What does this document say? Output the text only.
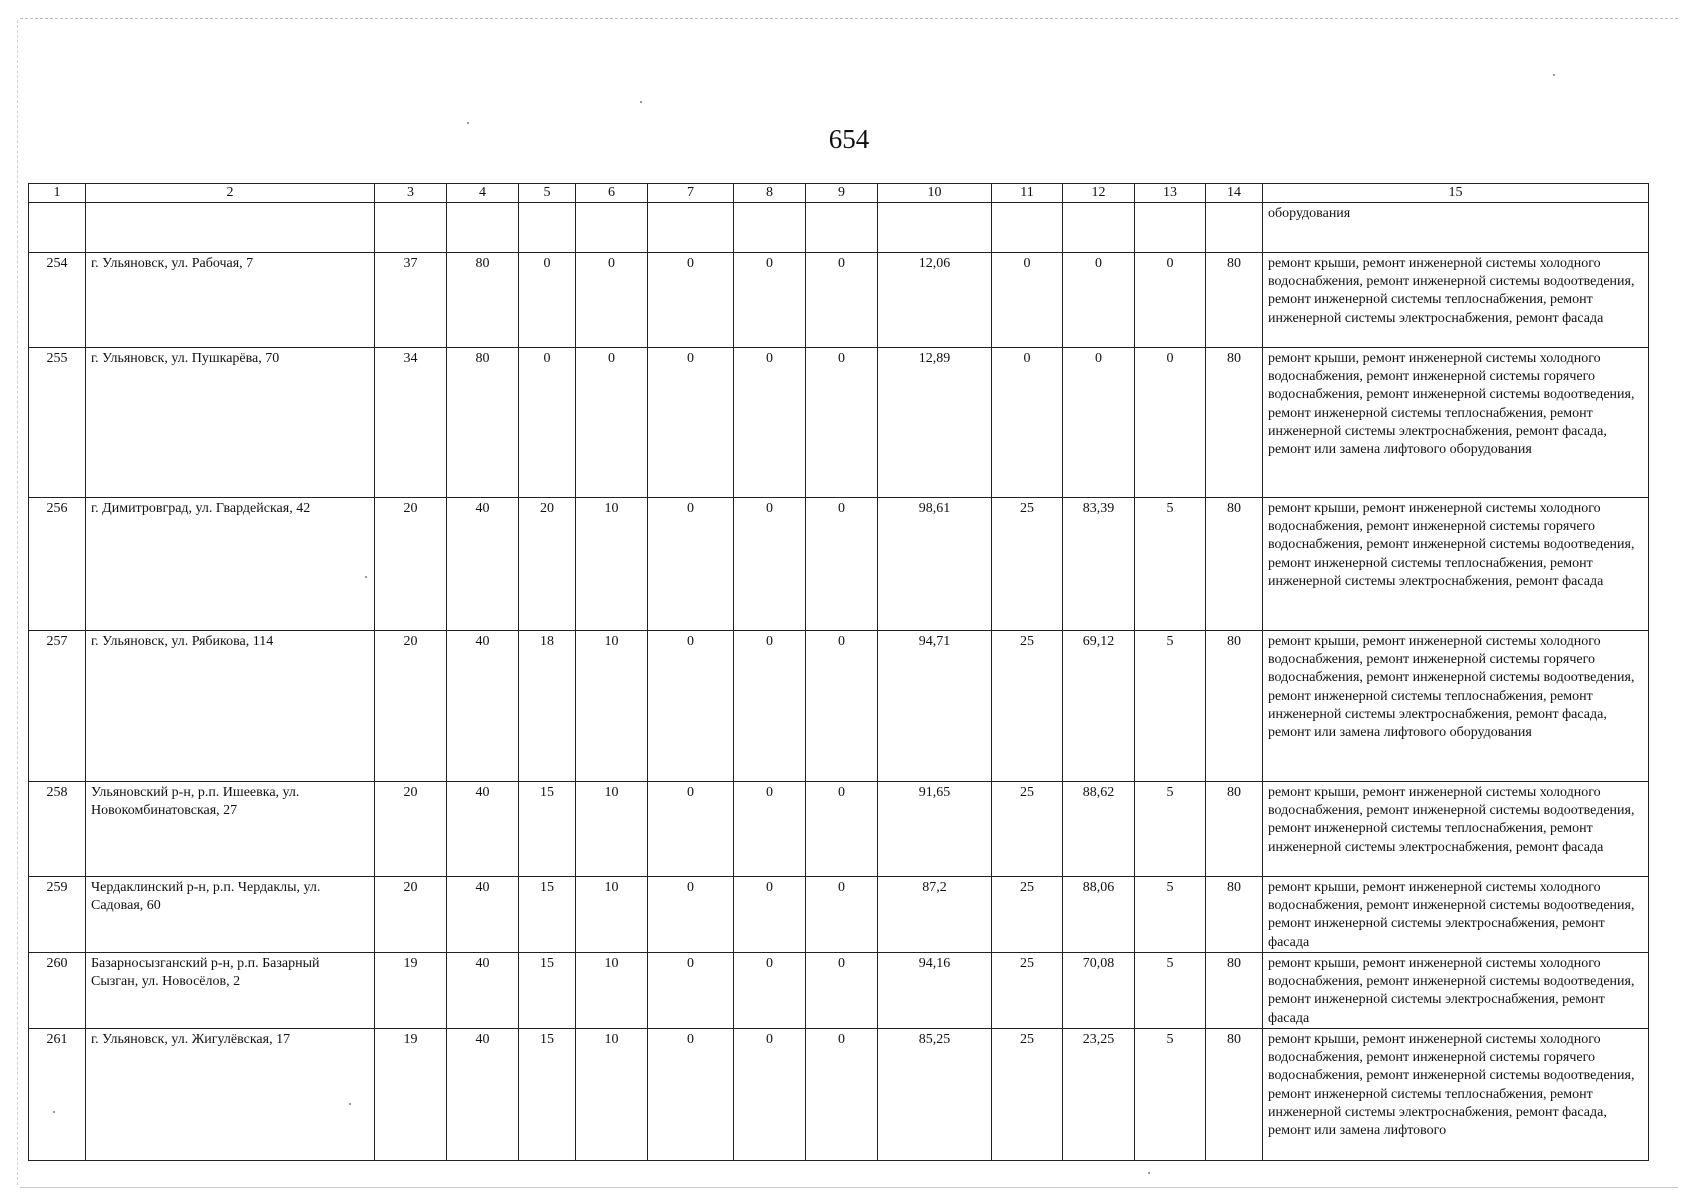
654
1	2	3	4	5	6	7	8	9	10	11	12	13	14	15
														оборудования
254	г. Ульяновск, ул. Рабочая, 7	37	80	0	0	0	0	0	12,06	0	0	0	80	ремонт крыши, ремонт инженерной системы холодного водоснабжения, ремонт инженерной системы водоотведения, ремонт инженерной системы теплоснабжения, ремонт инженерной системы электроснабжения, ремонт фасада
255	г. Ульяновск, ул. Пушкарёва, 70	34	80	0	0	0	0	0	12,89	0	0	0	80	ремонт крыши, ремонт инженерной системы холодного водоснабжения, ремонт инженерной системы горячего водоснабжения, ремонт инженерной системы водоотведения, ремонт инженерной системы теплоснабжения, ремонт инженерной системы электроснабжения, ремонт фасада, ремонт или замена лифтового оборудования
256	г. Димитровград, ул. Гвардейская, 42	20	40	20	10	0	0	0	98,61	25	83,39	5	80	ремонт крыши, ремонт инженерной системы холодного водоснабжения, ремонт инженерной системы горячего водоснабжения, ремонт инженерной системы водоотведения, ремонт инженерной системы теплоснабжения, ремонт инженерной системы электроснабжения, ремонт фасада
257	г. Ульяновск, ул. Рябикова, 114	20	40	18	10	0	0	0	94,71	25	69,12	5	80	ремонт крыши, ремонт инженерной системы холодного водоснабжения, ремонт инженерной системы горячего водоснабжения, ремонт инженерной системы водоотведения, ремонт инженерной системы теплоснабжения, ремонт инженерной системы электроснабжения, ремонт фасада, ремонт или замена лифтового оборудования
258	Ульяновский р-н, р.п. Ишеевка, ул. Новокомбинатовская, 27	20	40	15	10	0	0	0	91,65	25	88,62	5	80	ремонт крыши, ремонт инженерной системы холодного водоснабжения, ремонт инженерной системы водоотведения, ремонт инженерной системы теплоснабжения, ремонт инженерной системы электроснабжения, ремонт фасада
259	Чердаклинский р-н, р.п. Чердаклы, ул. Садовая, 60	20	40	15	10	0	0	0	87,2	25	88,06	5	80	ремонт крыши, ремонт инженерной системы холодного водоснабжения, ремонт инженерной системы водоотведения, ремонт инженерной системы электроснабжения, ремонт фасада
260	Базарносызганский р-н, р.п. Базарный Сызган, ул. Новосёлов, 2	19	40	15	10	0	0	0	94,16	25	70,08	5	80	ремонт крыши, ремонт инженерной системы холодного водоснабжения, ремонт инженерной системы водоотведения, ремонт инженерной системы электроснабжения, ремонт фасада
261	г. Ульяновск, ул. Жигулёвская, 17	19	40	15	10	0	0	0	85,25	25	23,25	5	80	ремонт крыши, ремонт инженерной системы холодного водоснабжения, ремонт инженерной системы горячего водоснабжения, ремонт инженерной системы водоотведения, ремонт инженерной системы теплоснабжения, ремонт инженерной системы электроснабжения, ремонт фасада, ремонт или замена лифтового
